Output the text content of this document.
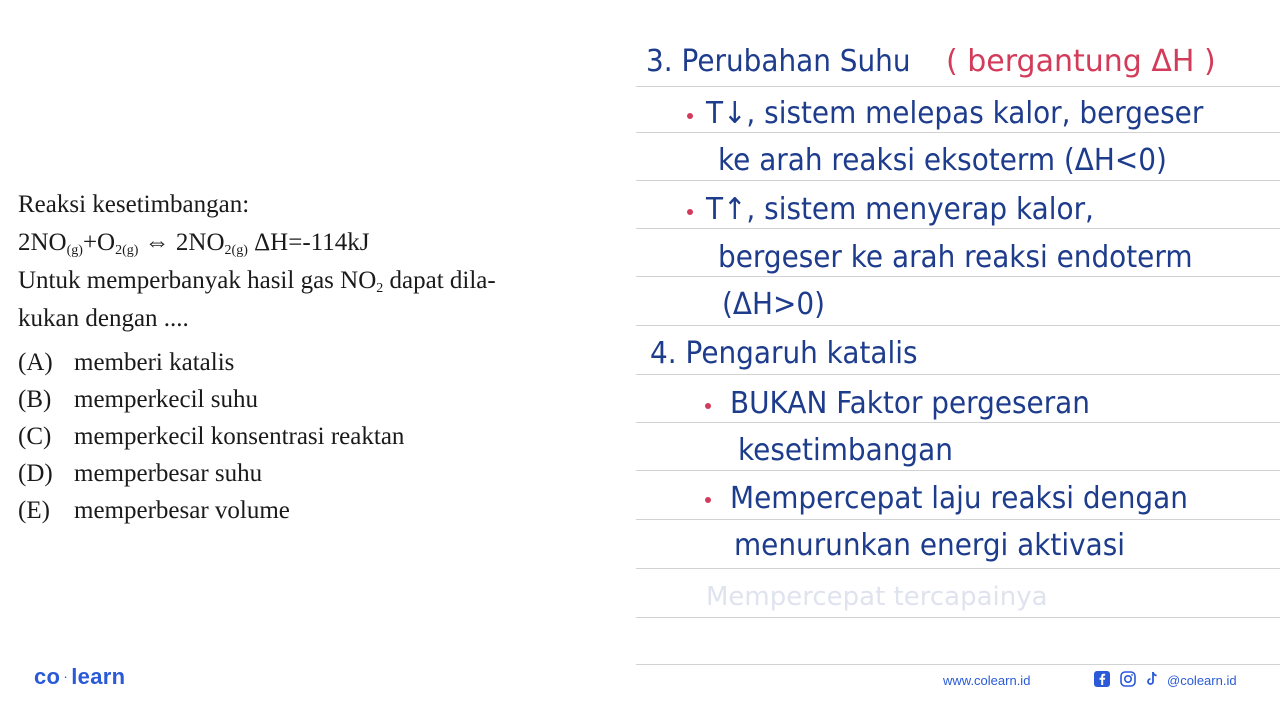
Reaksi kesetimbangan:
$2NO_{(g)}+O_{2(g)}$ ⇔ $2NO_{2(g)}$ ΔH=-114kJ
Untuk memperbanyak hasil gas $NO_2$ dapat dila-
kukan dengan ....
(A) memberi katalis
(B) memperkecil suhu
(C) memperkecil konsentrasi reaktan
(D) memperbesar suhu
(E) memperbesar volume
3. Perubahan Suhu ( bergantung ΔH )
T↓, sistem melepas kalor, bergeser
ke arah reaksi eksoterm (ΔH<0)
T↑, sistem menyerap kalor,
bergeser ke arah reaksi endoterm
(ΔH>0)
4. Pengaruh katalis
BUKAN Faktor pergeseran
kesetimbangan
Mempercepat laju reaksi dengan
menurunkan energi aktivasi
Mempercepat tercapainya
co · learn	www.colearn.id	@colearn.id
